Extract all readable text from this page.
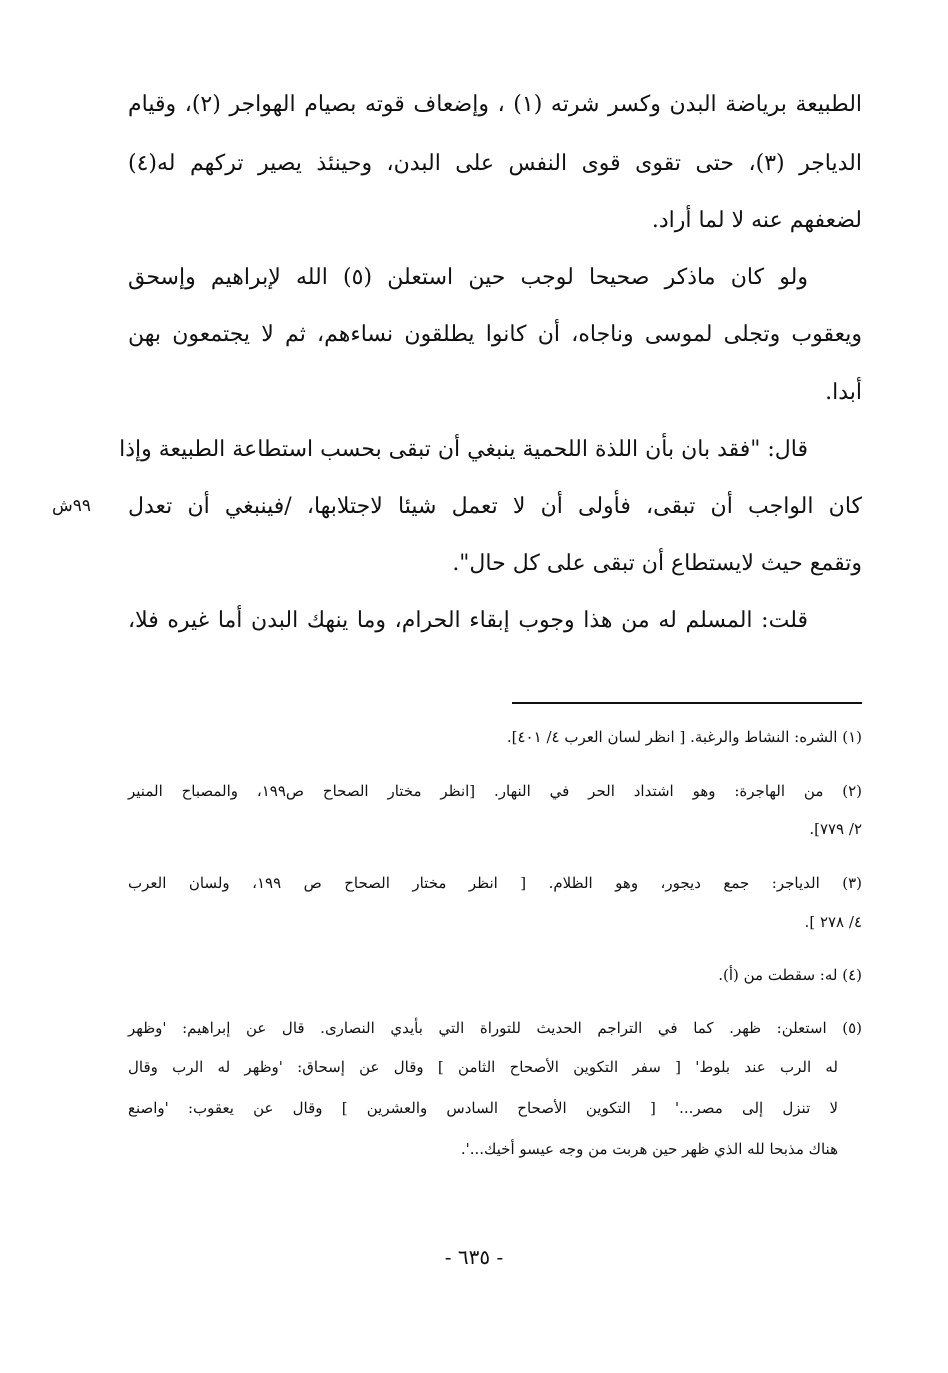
الطبيعة برياضة البدن وكسر شرته (١) ، وإضعاف قوته بصيام الهواجر (٢)، وقيام
الدياجر (٣)، حتى تقوى قوى النفس على البدن، وحينئذ يصير تركهم له(٤)
لضعفهم عنه لا لما أراد.
ولو كان ماذكر صحيحا لوجب حين استعلن (٥) الله لإبراهيم وإسحق
ويعقوب وتجلى لموسى وناجاه، أن كانوا يطلقون نساءهم، ثم لا يجتمعون بهن
أبدا.
قال: "فقد بان بأن اللذة اللحمية ينبغي أن تبقى بحسب استطاعة الطبيعة وإذا
كان الواجب أن تبقى، فأولى أن لا تعمل شيئا لاجتلابها، /فينبغي أن تعدل
وتقمع حيث لايستطاع أن تبقى على كل حال".
قلت: المسلم له من هذا وجوب إبقاء الحرام، وما ينهك البدن أما غيره فلا،
٩٩ش
(١) الشره: النشاط والرغبة. [ انظر لسان العرب ٤/ ٤٠١].
(٢) من الهاجرة: وهو اشتداد الحر في النهار. [انظر مختار الصحاح ص١٩٩، والمصباح المنير
٢/ ٧٧٩].
(٣) الدياجر: جمع ديجور، وهو الظلام. [ انظر مختار الصحاح ص ١٩٩، ولسان العرب
٤/ ٢٧٨ ].
(٤) له: سقطت من (أ).
(٥) استعلن: ظهر. كما في التراجم الحديث للتوراة التي بأيدي النصارى. قال عن إبراهيم: 'وظهر
له الرب عند بلوط' [ سفر التكوين الأصحاح الثامن ] وقال عن إسحاق: 'وظهر له الرب وقال
لا تنزل إلى مصر...' [ التكوين الأصحاح السادس والعشرين ] وقال عن يعقوب: 'واصنع
هناك مذبحا لله الذي ظهر حين هربت من وجه عيسو أخيك...'.
- ٦٣٥ -
